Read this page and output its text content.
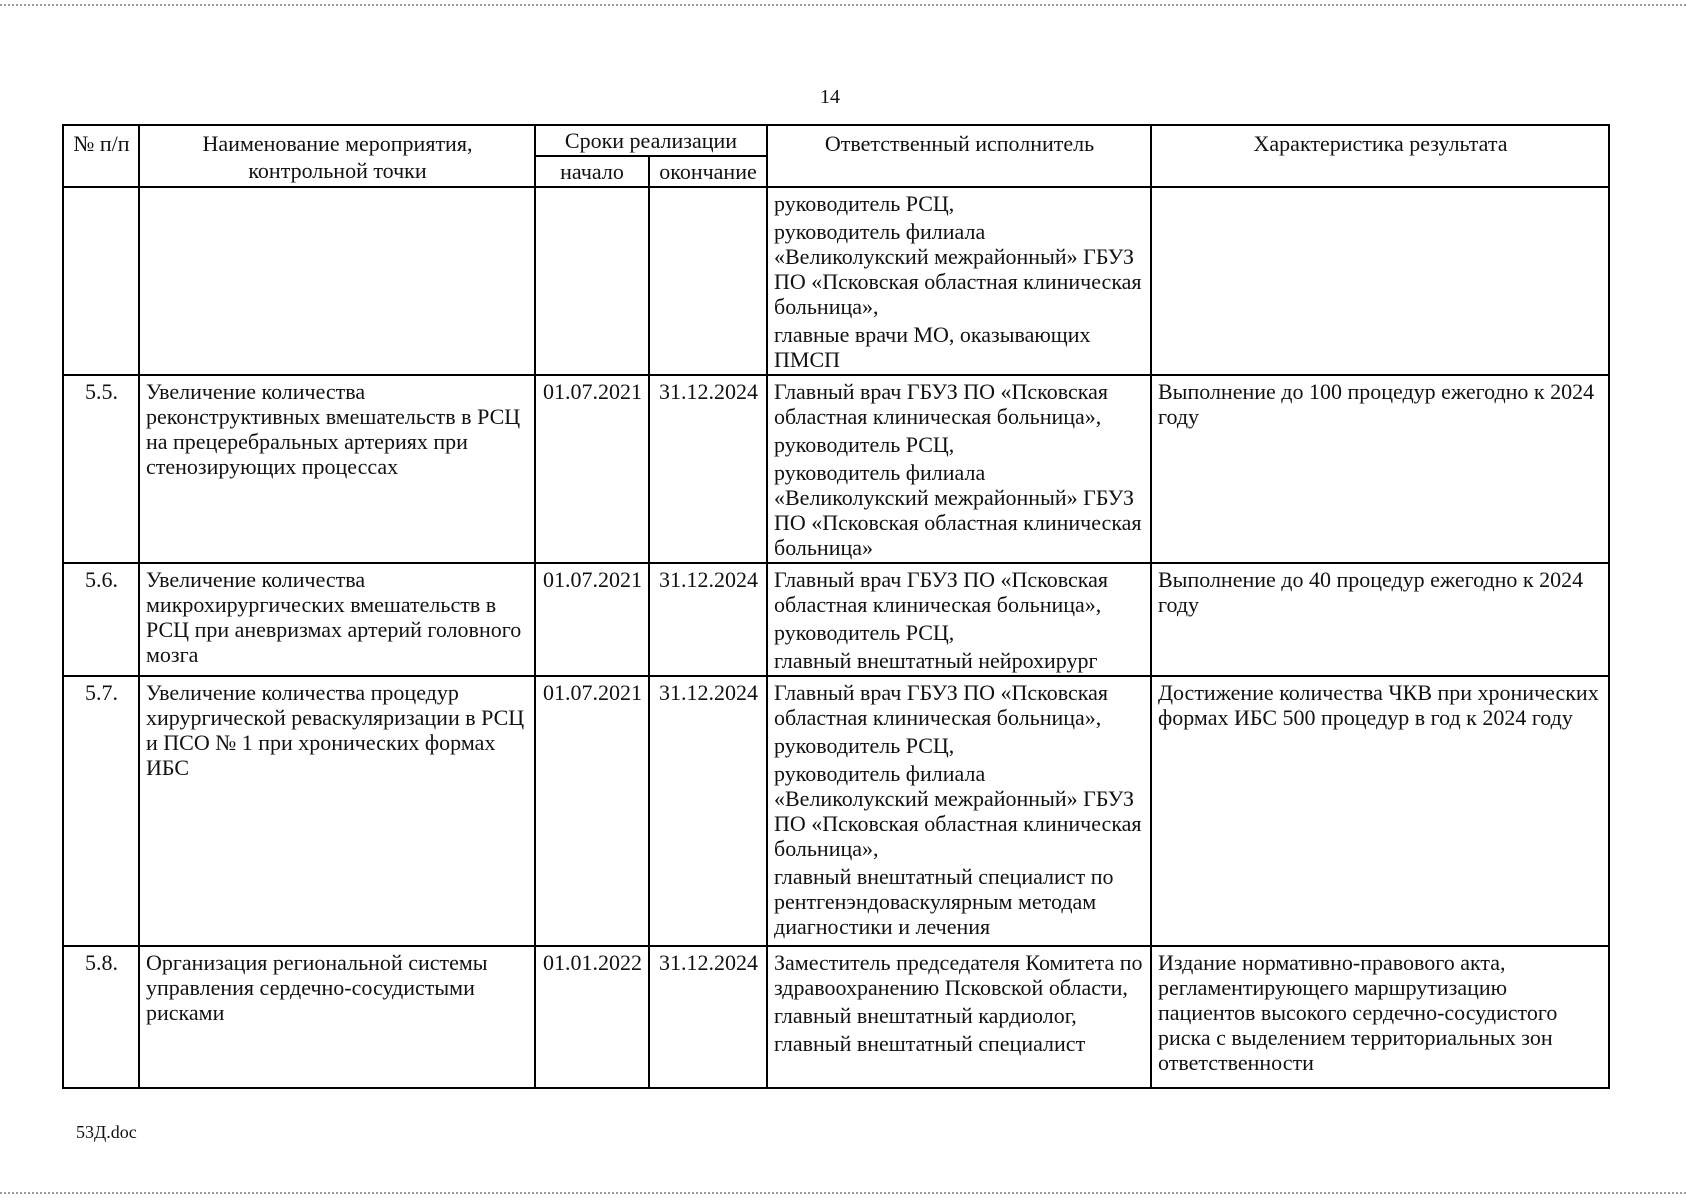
14
№ п/п	Наименование мероприятия, контрольной точки	Сроки реализации		Ответственный исполнитель	Характеристика результата
		начало	окончание		

				руководитель РСЦ,
руководитель филиала «Великолукский межрайонный» ГБУЗ ПО «Псковская областная клиническая больница»,
главные врачи МО, оказывающих ПМСП	

5.5.	Увеличение количества реконструктивных вмешательств в РСЦ на прецеребральных артериях при стенозирующих процессах	01.07.2021	31.12.2024	Главный врач ГБУЗ ПО «Псковская областная клиническая больница»,
руководитель РСЦ,
руководитель филиала «Великолукский межрайонный» ГБУЗ ПО «Псковская областная клиническая больница»	Выполнение до 100 процедур ежегодно к 2024 году
5.6.	Увеличение количества микрохирургических вмешательств в РСЦ при аневризмах артерий головного мозга	01.07.2021	31.12.2024	Главный врач ГБУЗ ПО «Псковская областная клиническая больница»,
руководитель РСЦ,
главный внештатный нейрохирург	Выполнение до 40 процедур ежегодно к 2024 году
5.7.	Увеличение количества процедур хирургической реваскуляризации в РСЦ и ПСО № 1 при хронических формах ИБС	01.07.2021	31.12.2024	Главный врач ГБУЗ ПО «Псковская областная клиническая больница»,
руководитель РСЦ,
руководитель филиала «Великолукский межрайонный» ГБУЗ ПО «Псковская областная клиническая больница»,
главный внештатный специалист по рентгенэндоваскулярным методам диагностики и лечения	Достижение количества ЧКВ при хронических формах ИБС 500 процедур в год к 2024 году
5.8.	Организация региональной системы управления сердечно-сосудистыми рисками	01.01.2022	31.12.2024	Заместитель председателя Комитета по здравоохранению Псковской области,
главный внештатный кардиолог,
главный внештатный специалист	Издание нормативно-правового акта, регламентирующего маршрутизацию пациентов высокого сердечно-сосудистого риска с выделением территориальных зон ответственности
53Д.doc
